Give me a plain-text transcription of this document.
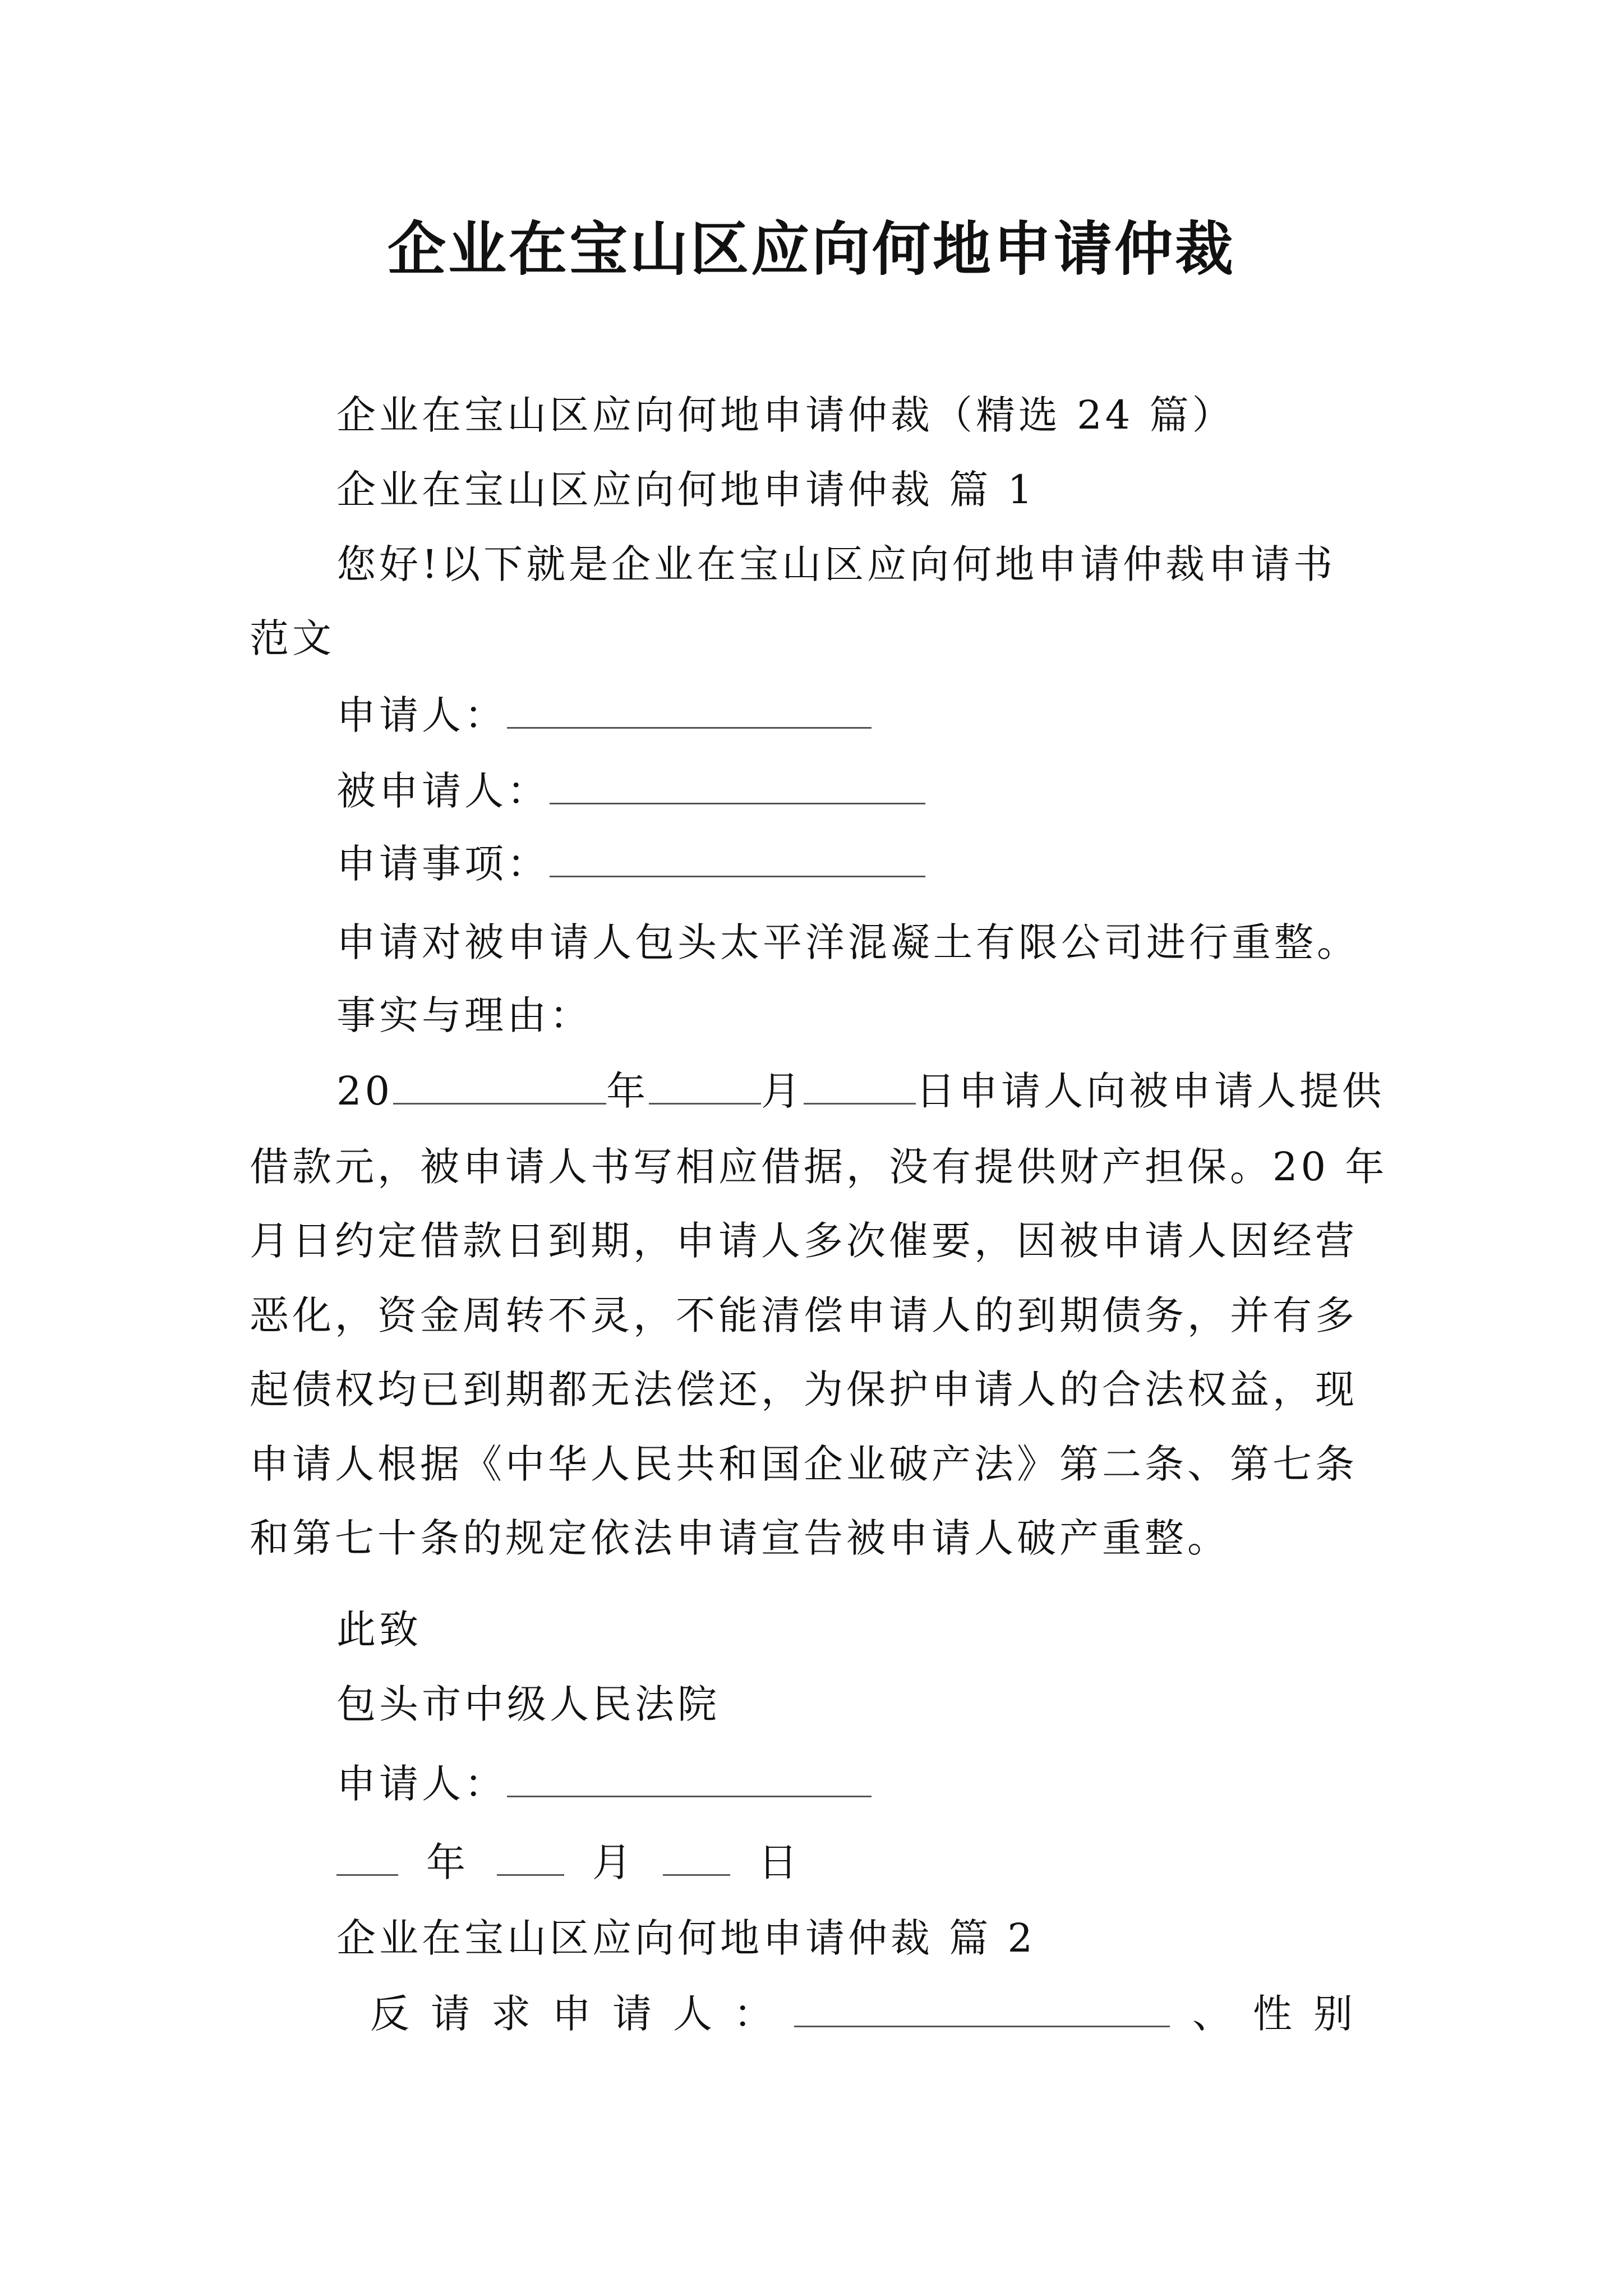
企业在宝山区应向何地申请仲裁
企业在宝山区应向何地申请仲裁（精选 24 篇）
企业在宝山区应向何地申请仲裁 篇 1
您好!以下就是企业在宝山区应向何地申请仲裁申请书
范文
申请人：
被申请人：
申请事项：
申请对被申请人包头太平洋混凝土有限公司进行重整。
事实与理由：
20	年	月	日申请人向被申请人提供
借款元，被申请人书写相应借据，没有提供财产担保。20 年
月日约定借款日到期，申请人多次催要，因被申请人因经营
恶化，资金周转不灵，不能清偿申请人的到期债务，并有多
起债权均已到期都无法偿还，为保护申请人的合法权益，现
申请人根据《中华人民共和国企业破产法》第二条、第七条
和第七十条的规定依法申请宣告被申请人破产重整。
此致
包头市中级人民法院
申请人：
年	月	日
企业在宝山区应向何地申请仲裁 篇 2
反请求申请人：	、性别
